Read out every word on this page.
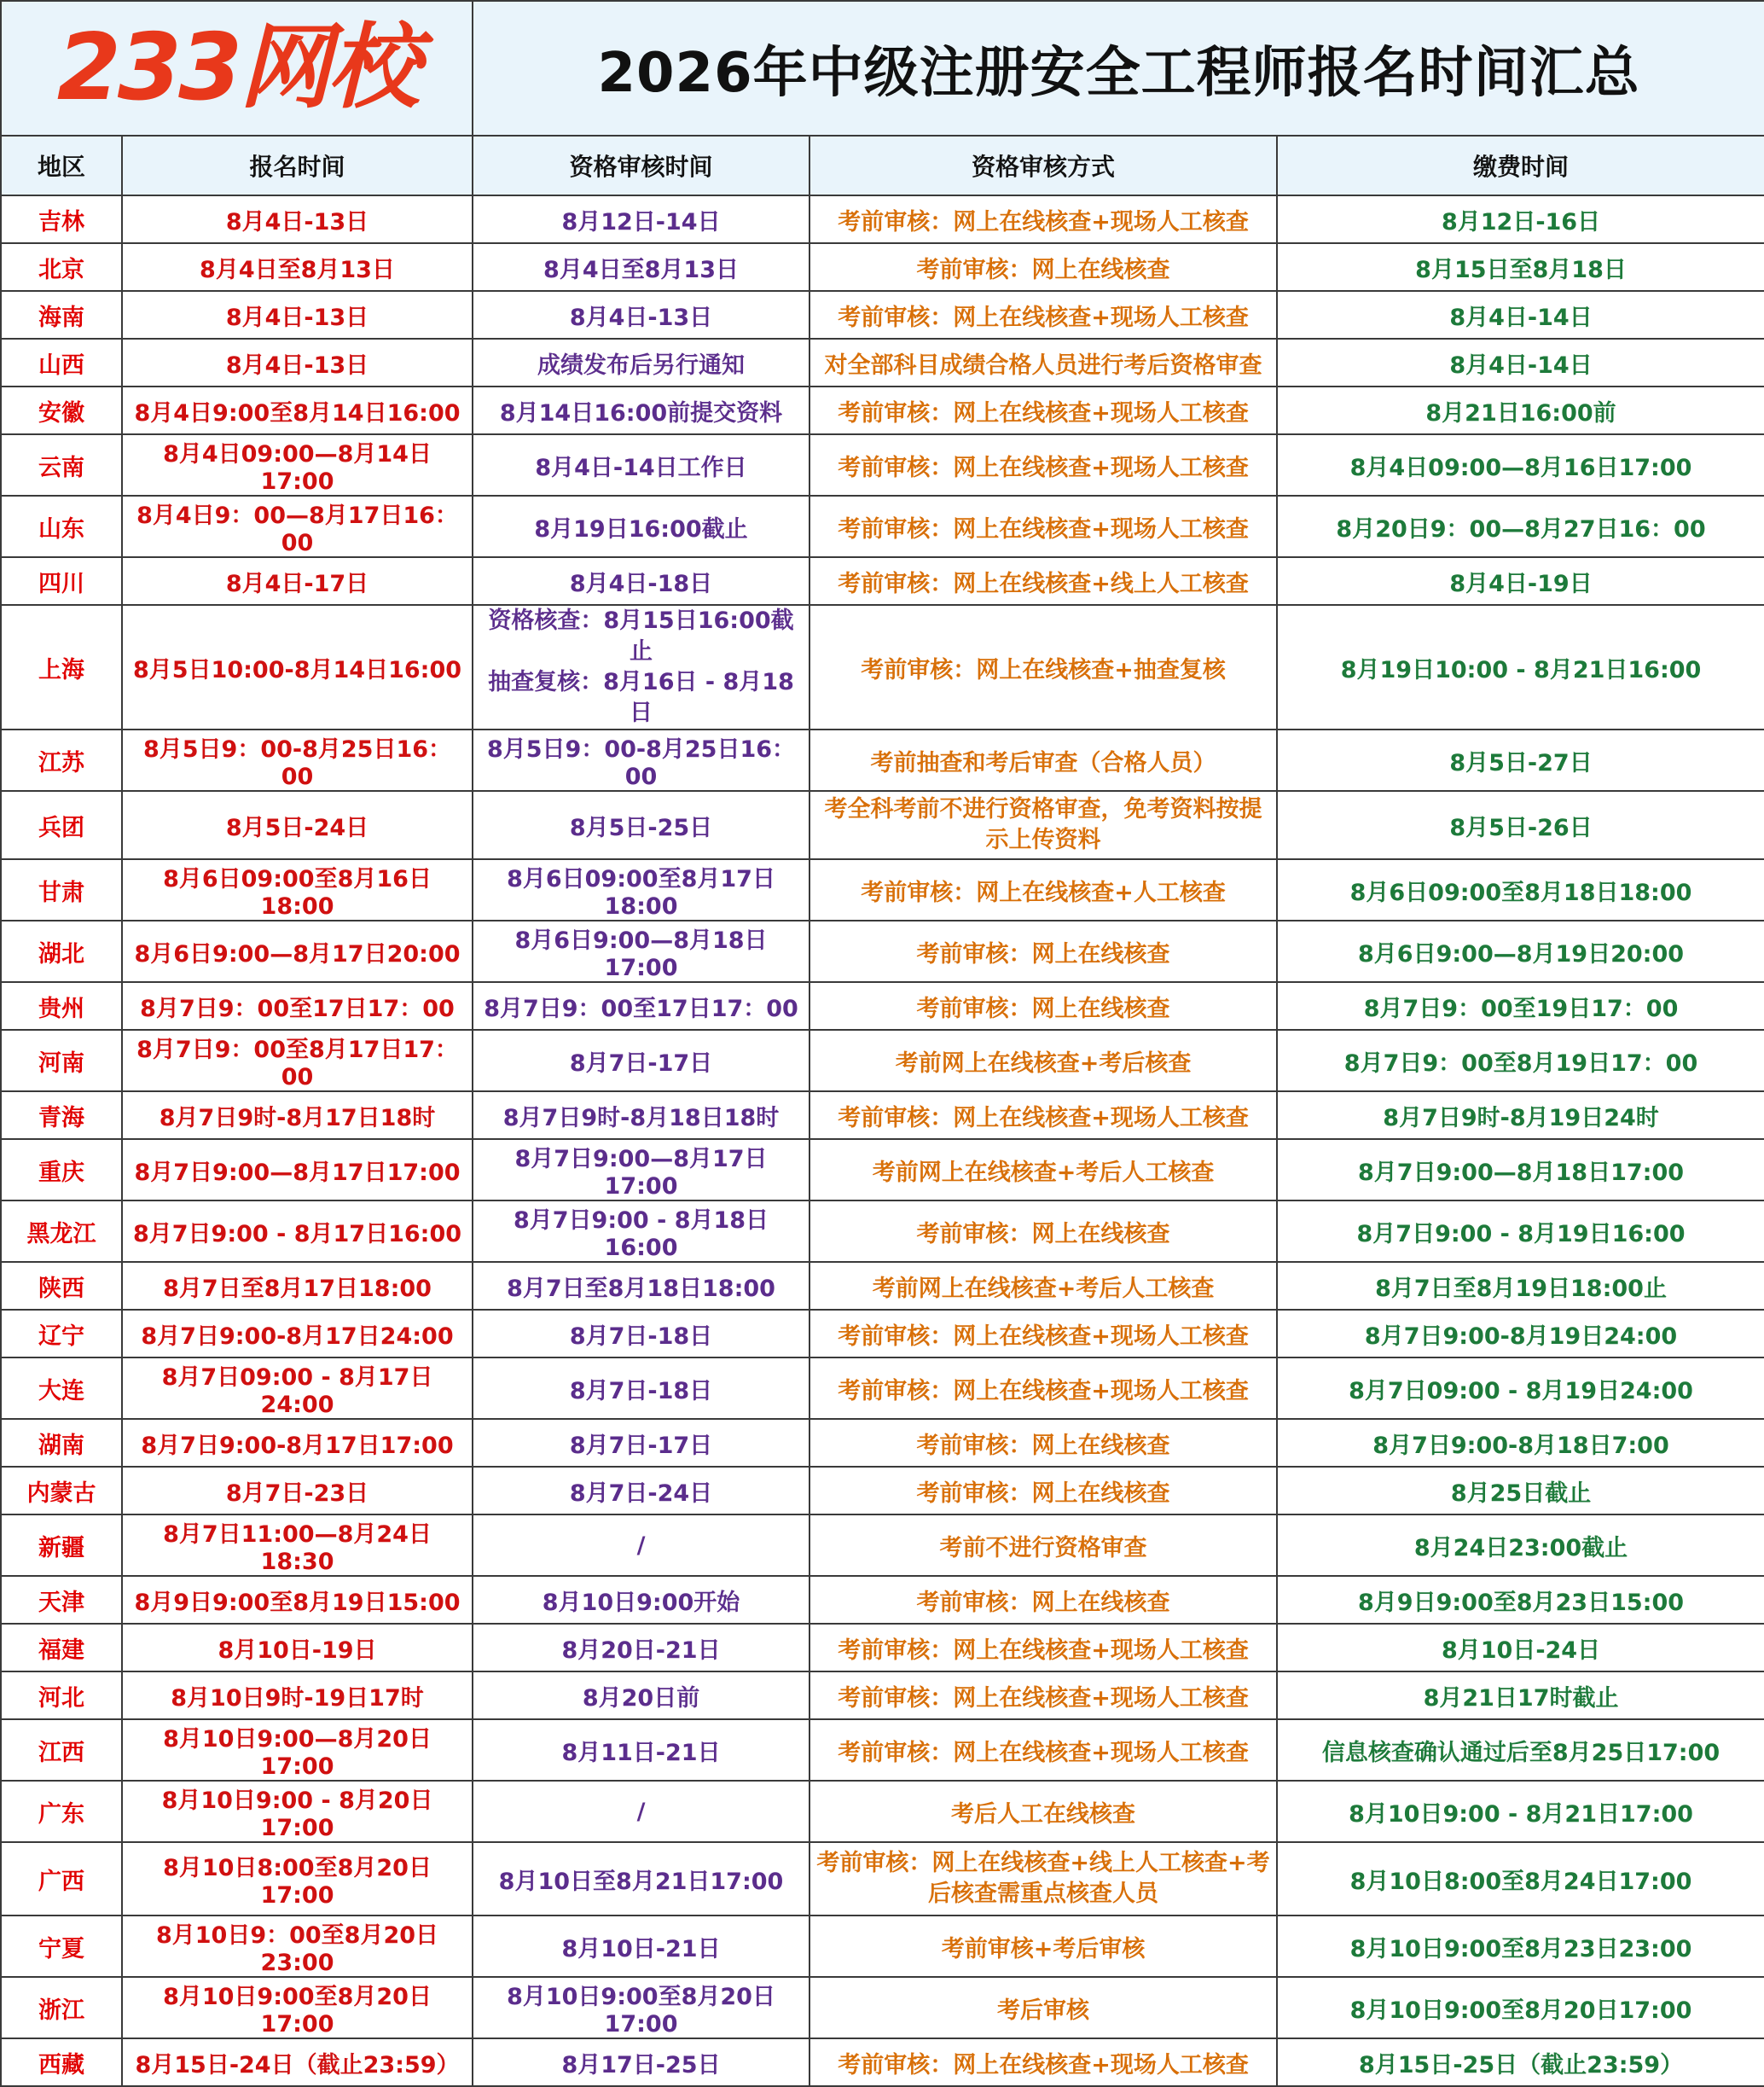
233网校		2026年中级注册安全工程师报名时间汇总		
地区	报名时间	资格审核时间	资格审核方式	缴费时间

吉林	8月4日-13日	8月12日-14日	考前审核：网上在线核查+现场人工核查	8月12日-16日

北京	8月4日至8月13日	8月4日至8月13日	考前审核：网上在线核查	8月15日至8月18日

海南	8月4日-13日	8月4日-13日	考前审核：网上在线核查+现场人工核查	8月4日-14日

山西	8月4日-13日	成绩发布后另行通知	对全部科目成绩合格人员进行考后资格审查	8月4日-14日

安徽	8月4日9:00至8月14日16:00	8月14日16:00前提交资料	考前审核：网上在线核查+现场人工核查	8月21日16:00前

云南	8月4日09:00—8月14日17:00	8月4日-14日工作日	考前审核：网上在线核查+现场人工核查	8月4日09:00—8月16日17:00

山东	8月4日9：00—8月17日16：00	8月19日16:00截止	考前审核：网上在线核查+现场人工核查	8月20日9：00—8月27日16：00

四川	8月4日-17日	8月4日-18日	考前审核：网上在线核查+线上人工核查	8月4日-19日

上海	8月5日10:00-8月14日16:00	资格核查：8月15日16:00截止
抽查复核：8月16日 - 8月18日	考前审核：网上在线核查+抽查复核	8月19日10:00 - 8月21日16:00

江苏	8月5日9：00-8月25日16：00	8月5日9：00-8月25日16：00	考前抽查和考后审查（合格人员）	8月5日-27日

兵团	8月5日-24日	8月5日-25日	考全科考前不进行资格审查，免考资料按提
示上传资料	8月5日-26日

甘肃	8月6日09:00至8月16日18:00	8月6日09:00至8月17日18:00	考前审核：网上在线核查+人工核查	8月6日09:00至8月18日18:00

湖北	8月6日9:00—8月17日20:00	8月6日9:00—8月18日17:00	考前审核：网上在线核查	8月6日9:00—8月19日20:00

贵州	8月7日9：00至17日17：00	8月7日9：00至17日17：00	考前审核：网上在线核查	8月7日9：00至19日17：00

河南	8月7日9：00至8月17日17：00	8月7日-17日	考前网上在线核查+考后核查	8月7日9：00至8月19日17：00

青海	8月7日9时-8月17日18时	8月7日9时-8月18日18时	考前审核：网上在线核查+现场人工核查	8月7日9时-8月19日24时

重庆	8月7日9:00—8月17日17:00	8月7日9:00—8月17日17:00	考前网上在线核查+考后人工核查	8月7日9:00—8月18日17:00

黑龙江	8月7日9:00 - 8月17日16:00	8月7日9:00 - 8月18日16:00	考前审核：网上在线核查	8月7日9:00 - 8月19日16:00

陕西	8月7日至8月17日18:00	8月7日至8月18日18:00	考前网上在线核查+考后人工核查	8月7日至8月19日18:00止

辽宁	8月7日9:00-8月17日24:00	8月7日-18日	考前审核：网上在线核查+现场人工核查	8月7日9:00-8月19日24:00

大连	8月7日09:00 - 8月17日24:00	8月7日-18日	考前审核：网上在线核查+现场人工核查	8月7日09:00 - 8月19日24:00

湖南	8月7日9:00-8月17日17:00	8月7日-17日	考前审核：网上在线核查	8月7日9:00-8月18日7:00

内蒙古	8月7日-23日	8月7日-24日	考前审核：网上在线核查	8月25日截止

新疆	8月7日11:00—8月24日18:30	/	考前不进行资格审查	8月24日23:00截止

天津	8月9日9:00至8月19日15:00	8月10日9:00开始	考前审核：网上在线核查	8月9日9:00至8月23日15:00

福建	8月10日-19日	8月20日-21日	考前审核：网上在线核查+现场人工核查	8月10日-24日

河北	8月10日9时-19日17时	8月20日前	考前审核：网上在线核查+现场人工核查	8月21日17时截止

江西	8月10日9:00—8月20日17:00	8月11日-21日	考前审核：网上在线核查+现场人工核查	信息核查确认通过后至8月25日17:00

广东	8月10日9:00 - 8月20日17:00	/	考后人工在线核查	8月10日9:00 - 8月21日17:00

广西	8月10日8:00至8月20日17:00	8月10日至8月21日17:00	考前审核：网上在线核查+线上人工核查+考
后核查需重点核查人员	8月10日8:00至8月24日17:00

宁夏	8月10日9：00至8月20日23:00	8月10日-21日	考前审核+考后审核	8月10日9:00至8月23日23:00

浙江	8月10日9:00至8月20日17:00	8月10日9:00至8月20日17:00	考后审核	8月10日9:00至8月20日17:00

西藏	8月15日-24日（截止23:59）	8月17日-25日	考前审核：网上在线核查+现场人工核查	8月15日-25日（截止23:59）
